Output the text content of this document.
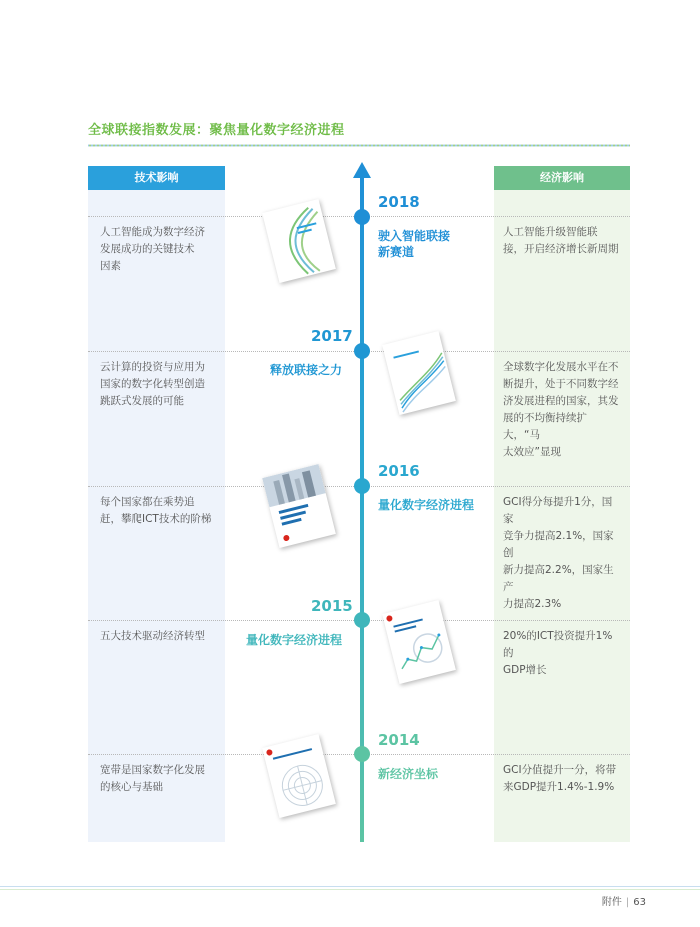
全球联接指数发展：聚焦量化数字经济进程
技术影响	经济影响
人工智能成为数字经济
发展成功的关键技术
因素
人工智能升级智能联
接，开启经济增长新周期
2018
驶入智能联接
新赛道
云计算的投资与应用为
国家的数字化转型创造
跳跃式发展的可能
全球数字化发展水平在不
断提升，处于不同数字经
济发展进程的国家，其发
展的不均衡持续扩大，“马
太效应”显现
2017
释放联接之力
每个国家都在乘势追
赶，攀爬ICT技术的阶梯
GCI得分每提升1分，国家
竞争力提高2.1%，国家创
新力提高2.2%，国家生产
力提高2.3%
2016
量化数字经济进程
五大技术驱动经济转型	20%的ICT投资提升1%的
GDP增长
2015
量化数字经济进程
宽带是国家数字化发展
的核心与基础
GCI分值提升一分，将带
来GDP提升1.4%-1.9%
2014
新经济坐标
附件 | 63
